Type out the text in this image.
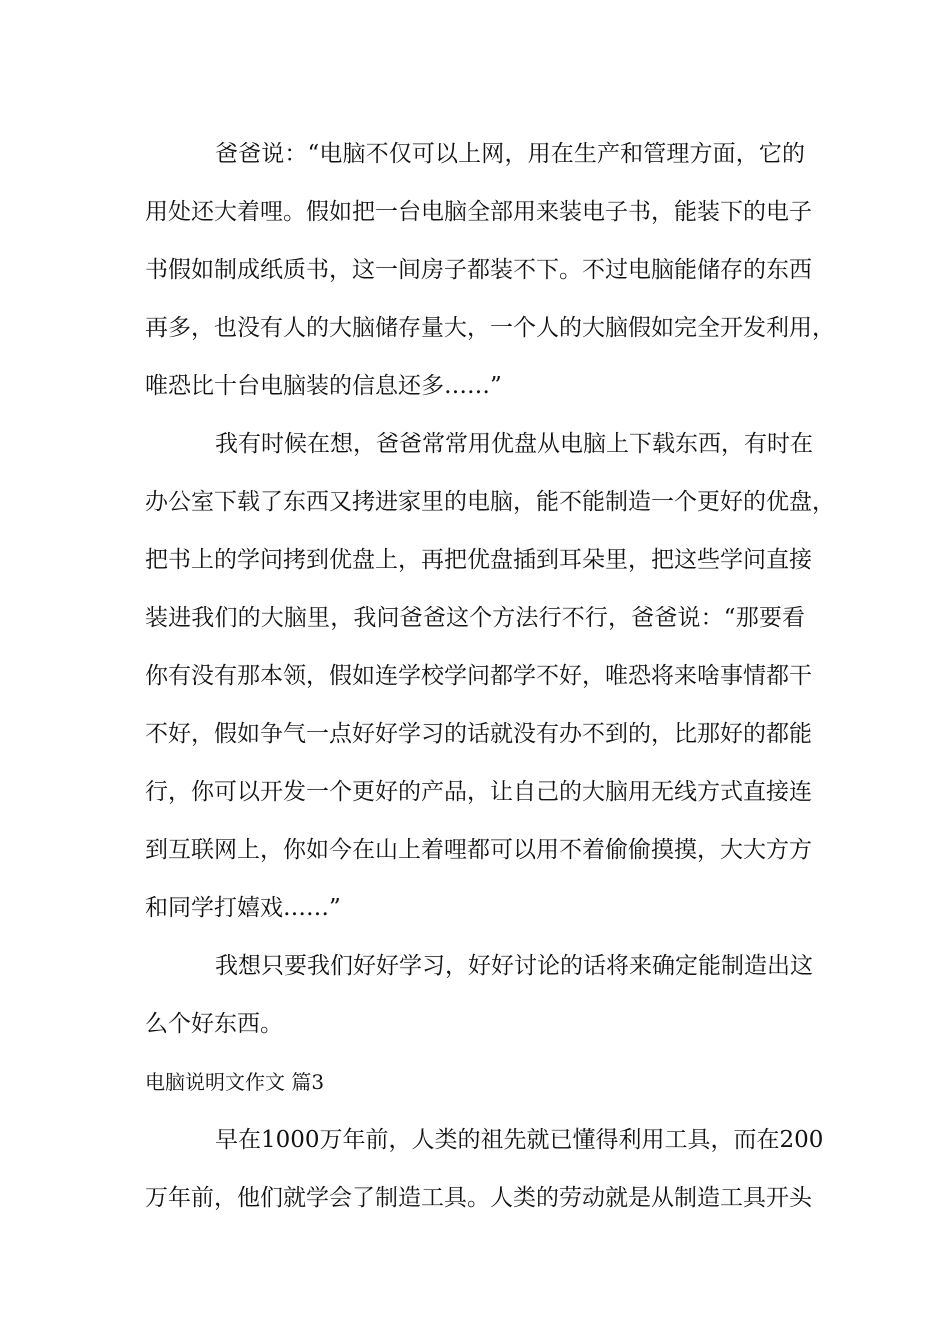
爸爸说：“电脑不仅可以上网，用在生产和管理方面，它的
用处还大着哩。假如把一台电脑全部用来装电子书，能装下的电子
书假如制成纸质书，这一间房子都装不下。不过电脑能储存的东西
再多，也没有人的大脑储存量大，一个人的大脑假如完全开发利用，
唯恐比十台电脑装的信息还多……”
我有时候在想，爸爸常常用优盘从电脑上下载东西，有时在
办公室下载了东西又拷进家里的电脑，能不能制造一个更好的优盘，
把书上的学问拷到优盘上，再把优盘插到耳朵里，把这些学问直接
装进我们的大脑里，我问爸爸这个方法行不行，爸爸说：“那要看
你有没有那本领，假如连学校学问都学不好，唯恐将来啥事情都干
不好，假如争气一点好好学习的话就没有办不到的，比那好的都能
行，你可以开发一个更好的产品，让自己的大脑用无线方式直接连
到互联网上，你如今在山上着哩都可以用不着偷偷摸摸，大大方方
和同学打嬉戏……”
我想只要我们好好学习，好好讨论的话将来确定能制造出这
么个好东西。
电脑说明文作文 篇3
早在1000万年前，人类的祖先就已懂得利用工具，而在200
万年前，他们就学会了制造工具。人类的劳动就是从制造工具开头
